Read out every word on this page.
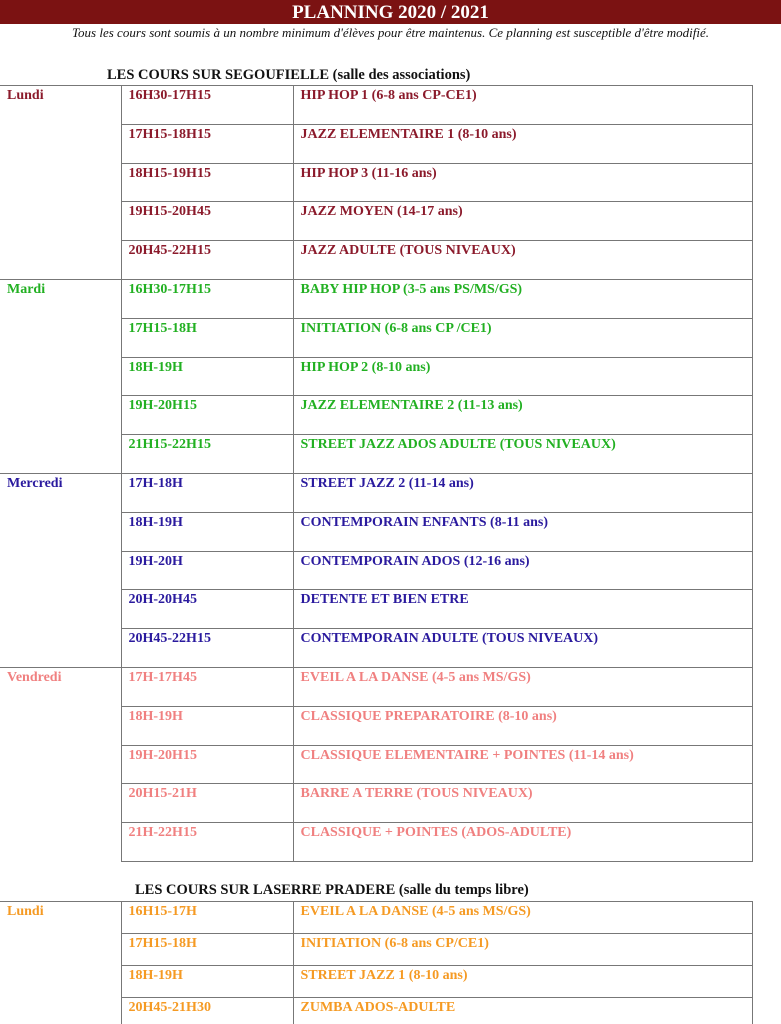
PLANNING 2020 / 2021
Tous les cours sont soumis à un nombre minimum d'élèves pour être maintenus. Ce planning est susceptible d'être modifié.
LES COURS SUR SEGOUFIELLE (salle des associations)
Lundi	16H30-17H15	HIP HOP 1 (6-8 ans CP-CE1)
	17H15-18H15	JAZZ ELEMENTAIRE 1 (8-10 ans)
	18H15-19H15	HIP HOP 3 (11-16 ans)
	19H15-20H45	JAZZ MOYEN (14-17 ans)
	20H45-22H15	JAZZ ADULTE (TOUS NIVEAUX)
Mardi	16H30-17H15	BABY HIP HOP (3-5 ans PS/MS/GS)
	17H15-18H	INITIATION (6-8 ans CP /CE1)
	18H-19H	HIP HOP 2 (8-10 ans)
	19H-20H15	JAZZ ELEMENTAIRE 2 (11-13 ans)
	21H15-22H15	STREET JAZZ ADOS ADULTE (TOUS NIVEAUX)
Mercredi	17H-18H	STREET JAZZ 2 (11-14 ans)
	18H-19H	CONTEMPORAIN ENFANTS (8-11 ans)
	19H-20H	CONTEMPORAIN ADOS (12-16 ans)
	20H-20H45	DETENTE ET BIEN ETRE
	20H45-22H15	CONTEMPORAIN ADULTE (TOUS NIVEAUX)
Vendredi	17H-17H45	EVEIL A LA DANSE (4-5 ans MS/GS)
	18H-19H	CLASSIQUE PREPARATOIRE (8-10 ans)
	19H-20H15	CLASSIQUE ELEMENTAIRE + POINTES (11-14 ans)
	20H15-21H	BARRE A TERRE (TOUS NIVEAUX)
	21H-22H15	CLASSIQUE + POINTES (ADOS-ADULTE)
LES COURS SUR LASERRE PRADERE (salle du temps libre)
Lundi	16H15-17H	EVEIL A LA DANSE (4-5 ans MS/GS)
	17H15-18H	INITIATION (6-8 ans CP/CE1)
	18H-19H	STREET JAZZ 1 (8-10 ans)
	20H45-21H30	ZUMBA ADOS-ADULTE
